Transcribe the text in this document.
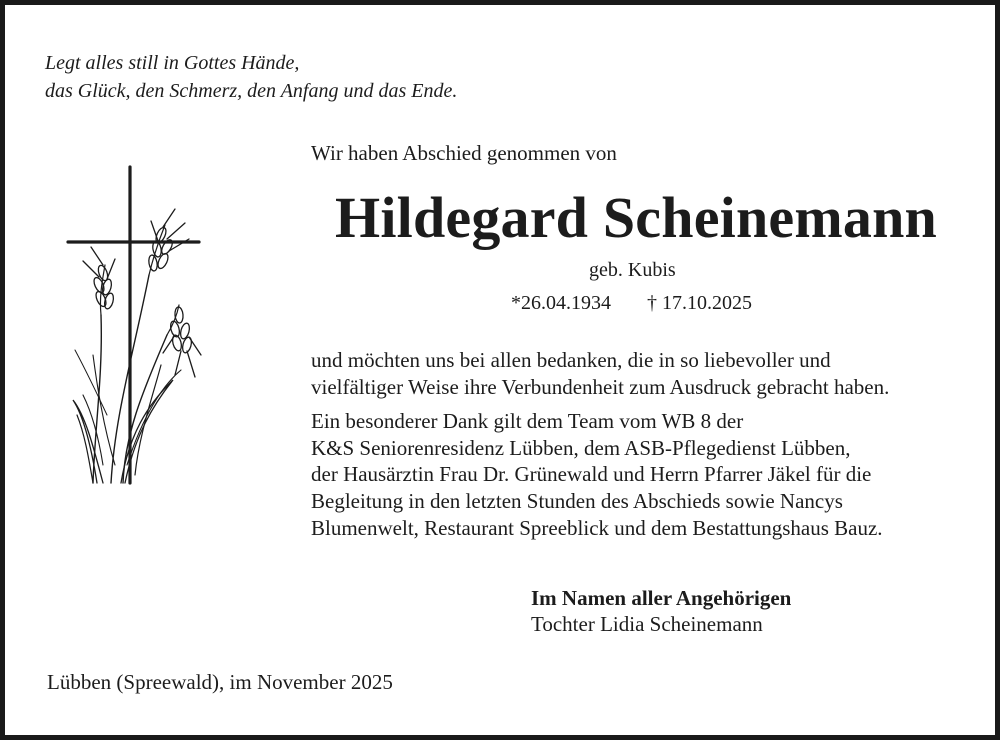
Legt alles still in Gottes Hände,
das Glück, den Schmerz, den Anfang und das Ende.
Wir haben Abschied genommen von
Hildegard Scheinemann
geb. Kubis
*26.04.1934 † 17.10.2025

und möchten uns bei allen bedanken, die in so liebevoller und
vielfältiger Weise ihre Verbundenheit zum Ausdruck gebracht haben.

Ein besonderer Dank gilt dem Team vom WB 8 der
K&S Seniorenresidenz Lübben, dem ASB-Pflegedienst Lübben,
der Hausärztin Frau Dr. Grünewald und Herrn Pfarrer Jäkel für die
Begleitung in den letzten Stunden des Abschieds sowie Nancys
Blumenwelt, Restaurant Spreeblick und dem Bestattungshaus Bauz.

Im Namen aller Angehörigen
Tochter Lidia Scheinemann
Lübben (Spreewald), im November 2025
